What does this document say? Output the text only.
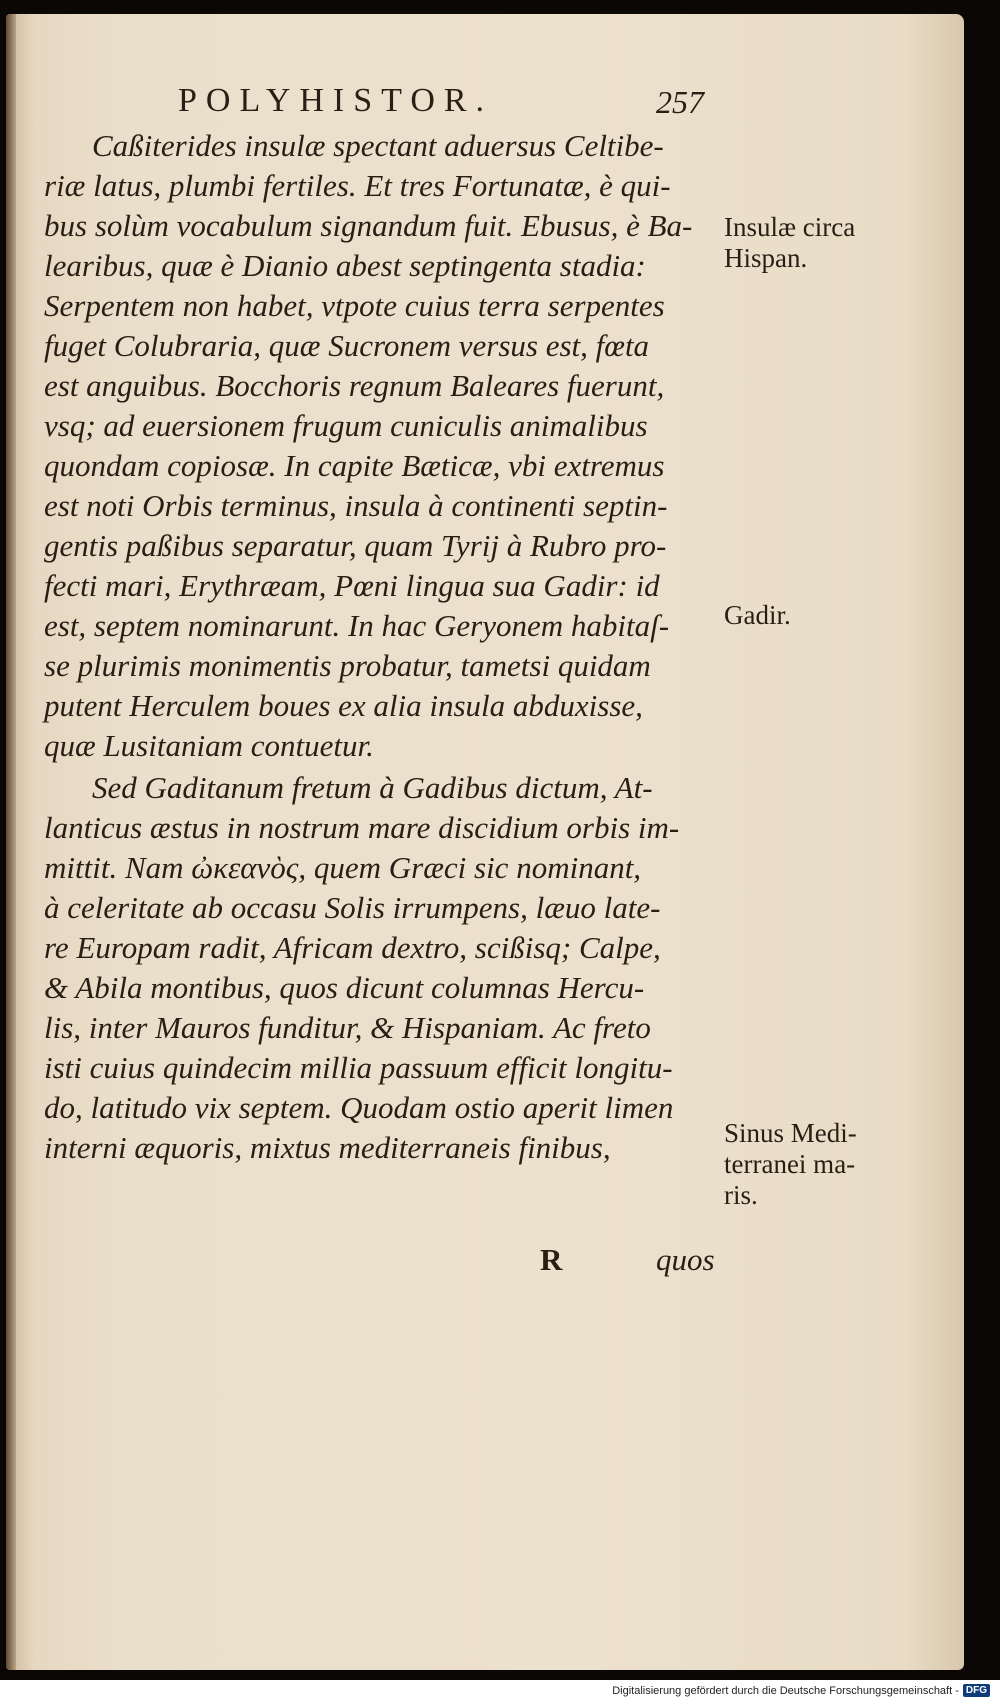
POLYHISTOR.	257
Caßiterides insulæ spectant aduersus Celtibe-
riæ latus, plumbi fertiles. Et tres Fortunatæ, è qui-
bus solùm vocabulum signandum fuit. Ebusus, è Ba-
learibus, quæ è Dianio abest septingenta stadia:
Serpentem non habet, vtpote cuius terra serpentes
fuget Colubraria, quæ Sucronem versus est, fœta
est anguibus. Bocchoris regnum Baleares fuerunt,
vsq; ad euersionem frugum cuniculis animalibus
quondam copiosæ. In capite Bæticæ, vbi extremus
est noti Orbis terminus, insula à continenti septin-
gentis paßibus separatur, quam Tyrij à Rubro pro-
fecti mari, Erythræam, Pœni lingua sua Gadir: id
est, septem nominarunt. In hac Geryonem habitaſ-
se plurimis monimentis probatur, tametsi quidam
putent Herculem boues ex alia insula abduxisse,
quæ Lusitaniam contuetur.
Sed Gaditanum fretum à Gadibus dictum, At-
lanticus æstus in nostrum mare discidium orbis im-
mittit. Nam ὠκεανὸς, quem Græci sic nominant,
à celeritate ab occasu Solis irrumpens, læuo late-
re Europam radit, Africam dextro, scißisq; Calpe,
& Abila montibus, quos dicunt columnas Hercu-
lis, inter Mauros funditur, & Hispaniam. Ac freto
isti cuius quindecim millia passuum efficit longitu-
do, latitudo vix septem. Quodam ostio aperit limen
interni æquoris, mixtus mediterraneis finibus,
Insulæ circa
Hispan.
Gadir.
Sinus Medi-
terranei ma-
ris.
R	quos
Digitalisierung gefördert durch die Deutsche Forschungsgemeinschaft - DFG
